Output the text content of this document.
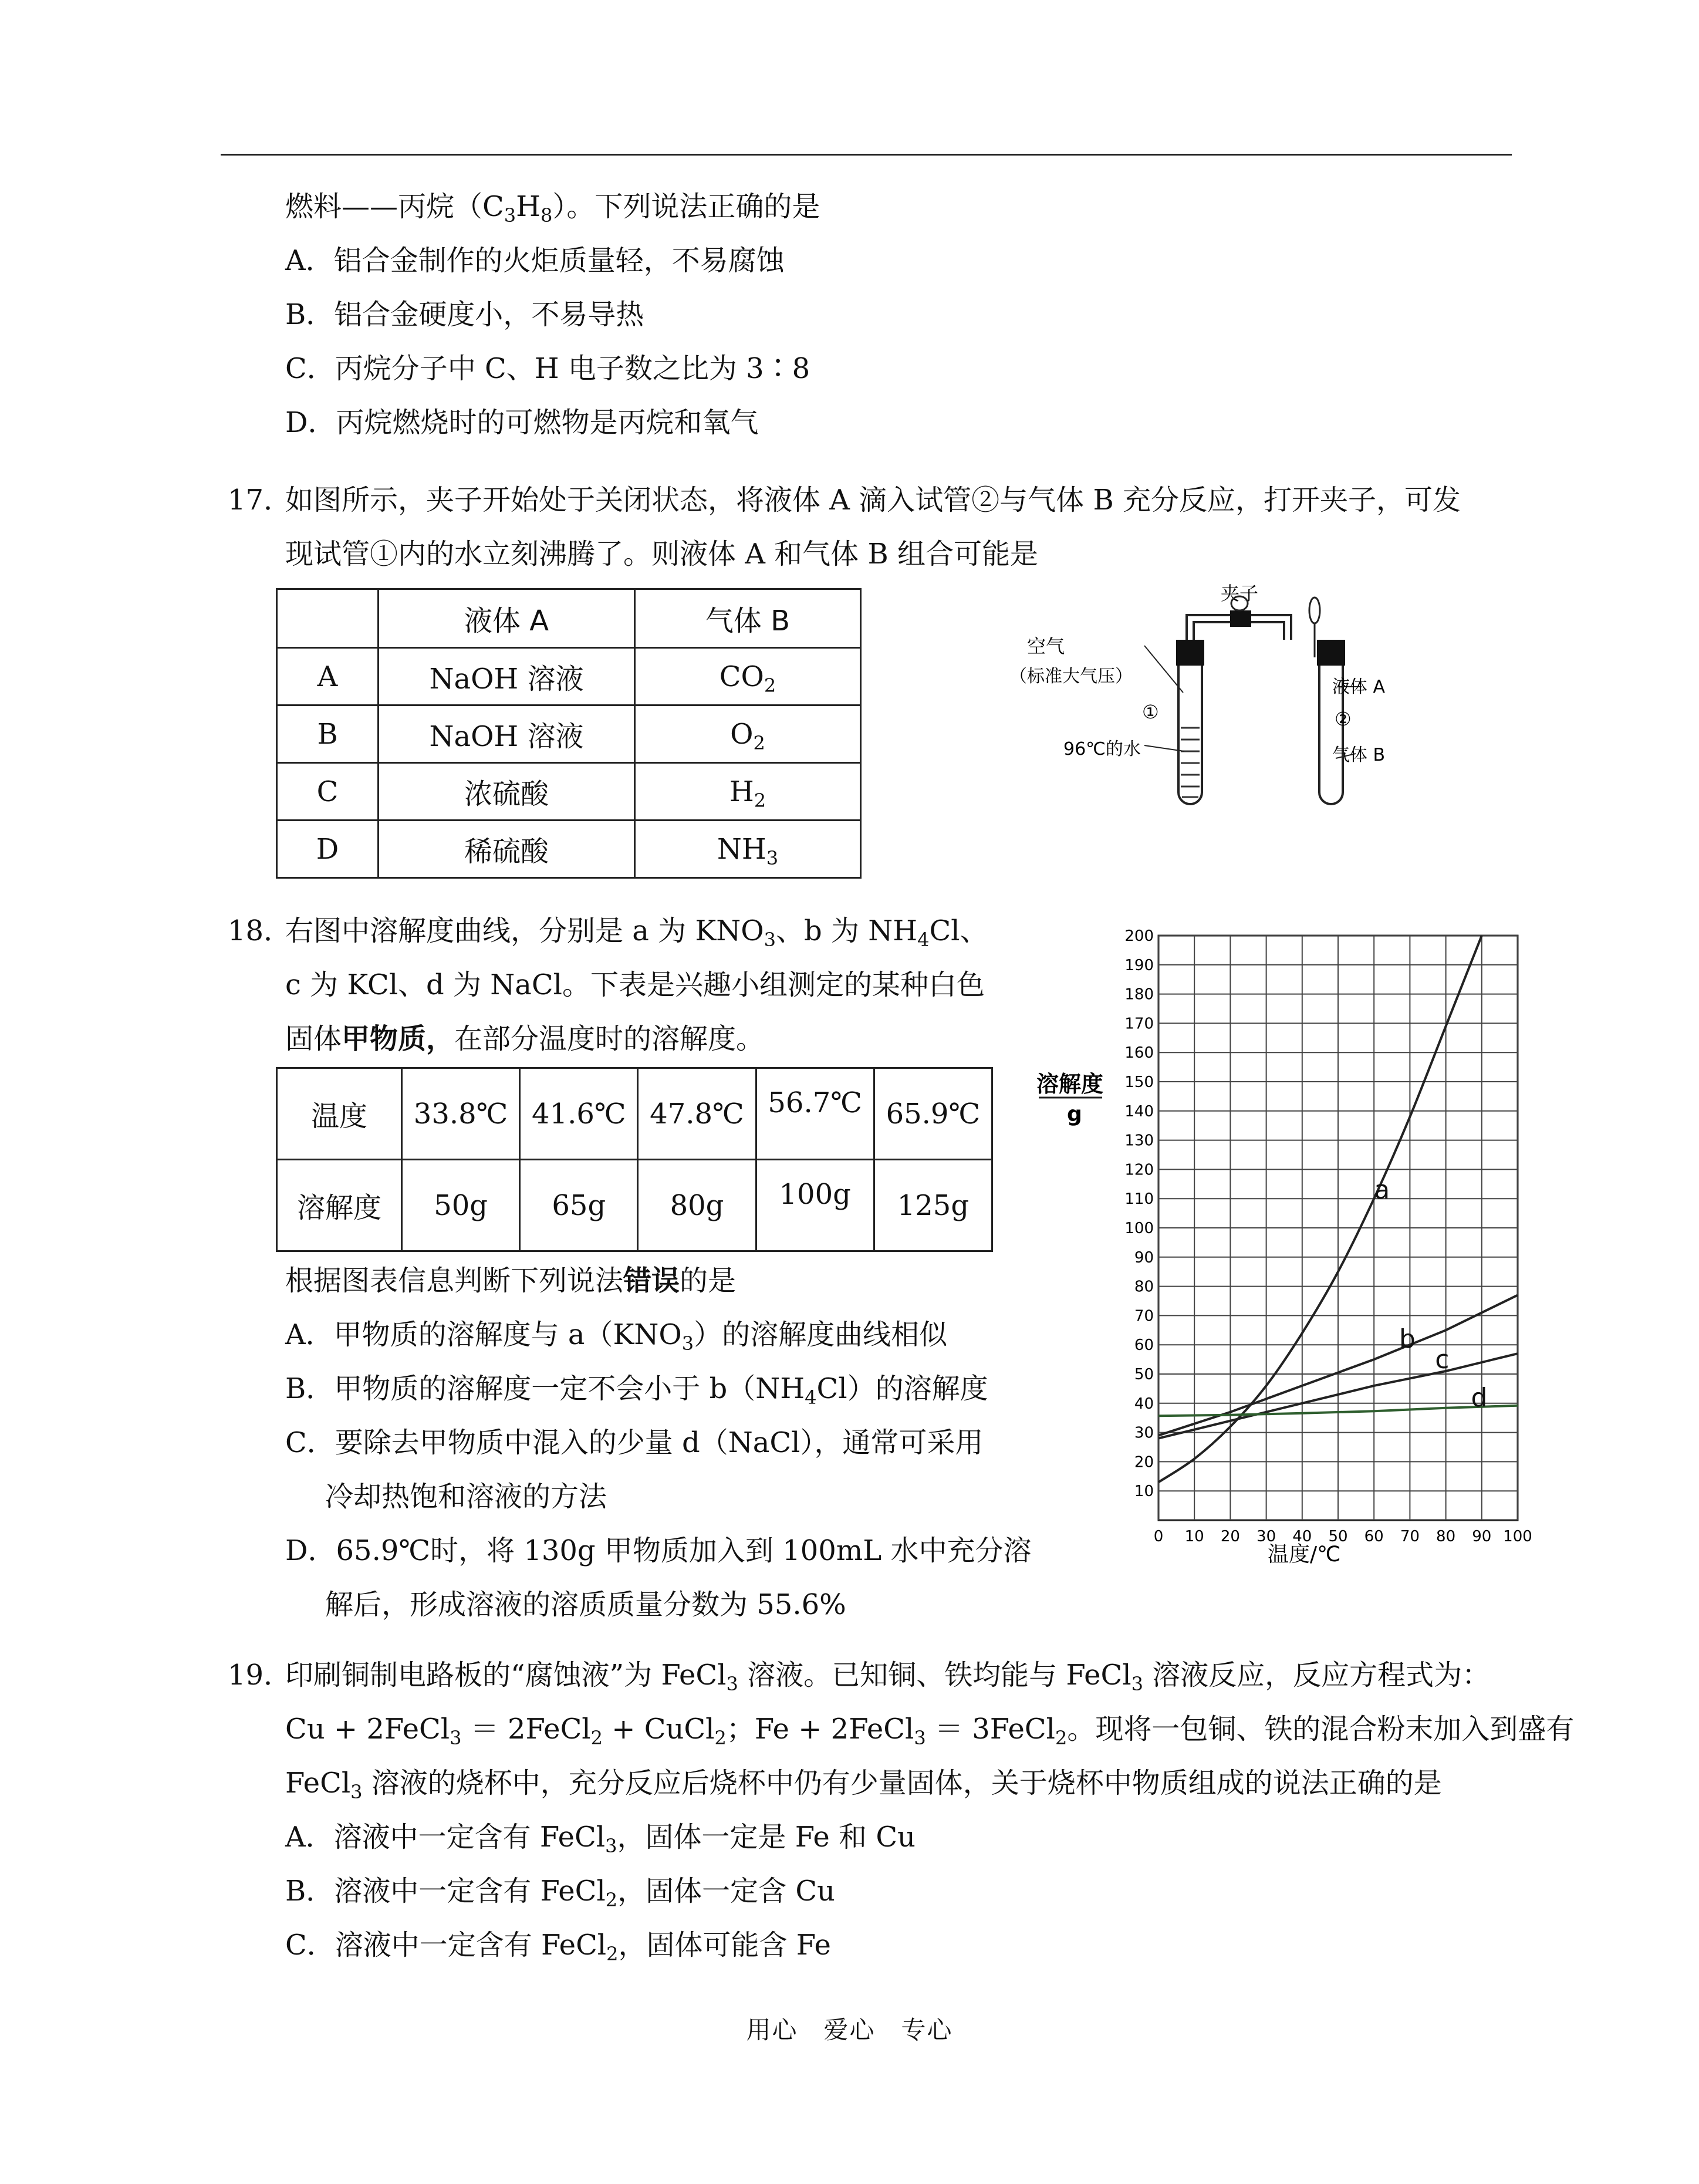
燃料——丙烷$(C_3H_8)$。下列说法正确的是
A．铝合金制作的火炬质量轻，不易腐蚀
B．铝合金硬度小，不易导热
C．丙烷分子中 C、H 电子数之比为 3∶8
D．丙烷燃烧时的可燃物是丙烷和氧气
17．
如图所示，夹子开始处于关闭状态，将液体 A 滴入试管②与气体 B 充分反应，打开夹子，可发
现试管①内的水立刻沸腾了。则液体 A 和气体 B 组合可能是
	液体 A	气体 B
A	NaOH 溶液	$CO_2$
B	NaOH 溶液	$O_2$
C	浓硫酸	$H_2$
D	稀硫酸	$NH_3$
夹子
空气
（标准大气压）
①
96℃的水
液体 A
②
气体 B
18．
右图中溶解度曲线，分别是 a 为 $KNO_3$、b 为 $NH_4Cl$、
c 为 KCl、d 为 NaCl。下表是兴趣小组测定的某种白色
固体甲物质，在部分温度时的溶解度。
温度	33.8℃	41.6℃	47.8℃	56.7℃	65.9℃
溶解度	50g	65g	80g	100g	125g
根据图表信息判断下列说法错误的是
A．甲物质的溶解度与 $a(KNO_3)$的溶解度曲线相似
B．甲物质的溶解度一定不会小于 $b(NH_4Cl)$的溶解度
C．要除去甲物质中混入的少量 d（NaCl），通常可采用
冷却热饱和溶液的方法
D．65.9℃时，将 130g 甲物质加入到 100mL 水中充分溶
解后，形成溶液的溶质质量分数为 55.6%
a
b
c
d
0 10 20 30 40 50 60 70 80 90 100
10
20
30
40
50
60
70
80
90
100
110
120
130
140
150
160
170
180
190
200
溶解度
g
温度/℃
19．
印刷铜制电路板的“腐蚀液”为 FeCl$_3$ 溶液。已知铜、铁均能与 FeCl$_3$ 溶液反应，反应方程式为：
Cu + 2FeCl$_3$ ＝ 2FeCl$_2$ + CuCl$_2$；Fe + 2FeCl$_3$ ＝ 3FeCl$_2$。现将一包铜、铁的混合粉末加入到盛有
FeCl$_3$ 溶液的烧杯中，充分反应后烧杯中仍有少量固体，关于烧杯中物质组成的说法正确的是
A．溶液中一定含有 FeCl$_3$，固体一定是 Fe 和 Cu
B．溶液中一定含有 FeCl$_2$，固体一定含 Cu
C．溶液中一定含有 FeCl$_2$，固体可能含 Fe
用心　爱心　专心
